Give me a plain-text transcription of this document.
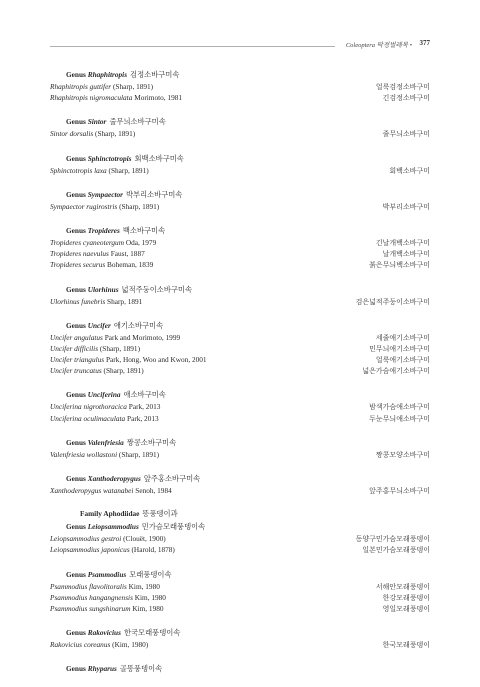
Coleoptera 딱정벌레목 • 377
Genus Rhaphitropis 검정소바구미속
Rhaphitropis guttifer (Sharp, 1891)	얼룩검정소바구미
Rhaphitropis nigromaculata Morimoto, 1981	긴검정소바구미
Genus Sintor 줄무늬소바구미속
Sintor dorsalis (Sharp, 1891)	줄무늬소바구미
Genus Sphinctotropis 회백소바구미속
Sphinctotropis laxa (Sharp, 1891)	회백소바구미
Genus Sympaector 박부리소바구미속
Sympaector rugirostris (Sharp, 1891)	박부리소바구미
Genus Tropideres 백소바구미속
Tropideres cyaneotergum Oda, 1979	긴날개백소바구미
Tropideres naevulus Faust, 1887	날개백소바구미
Tropideres securus Boheman, 1839	붉은무늬백소바구미
Genus Ulorhinus 넓적주둥이소바구미속
Ulorhinus funebris Sharp, 1891	검은넓적주둥이소바구미
Genus Uncifer 애기소바구미속
Uncifer angulatus Park and Morimoto, 1999	세줄애기소바구미
Uncifer difficilis (Sharp, 1891)	민무늬애기소바구미
Uncifer triangulus Park, Hong, Woo and Kwon, 2001	얼룩애기소바구미
Uncifer truncatus (Sharp, 1891)	넓은가슴애기소바구미
Genus Unciferina 애소바구미속
Unciferina nigrothoracica Park, 2013	밤색가슴애소바구미
Unciferina oculimaculata Park, 2013	두눈무늬애소바구미
Genus Valenfriesia 짱콩소바구미속
Valenfriesia wollastoni (Sharp, 1891)	짱콩모양소바구미
Genus Xanthoderopygus 앞주홍소바구미속
Xanthoderopygus watanabei Senoh, 1984	앞주홍무늬소바구미
Family Aphodiidae 똥풍뎅이과
Genus Leiopsammodius 민가슴모래풍뎅이속
Leiopsammodius gestroi (Clouët, 1900)	동양구민가슴모래풍뎅이
Leiopsammodius japonicus (Harold, 1878)	일본민가슴모래풍뎅이
Genus Psammodius 모래풍뎅이속
Psammodius flavolitoralis Kim, 1980	서해안모래풍뎅이
Psammodius hangangnensis Kim, 1980	한강모래풍뎅이
Psammodius sungshinarum Kim, 1980	영일모래풍뎅이
Genus Rakovicius 한국모래풍뎅이속
Rakovicius coreanus (Kim, 1980)	한국모래풍뎅이
Genus Rhyparus 골똥풍뎅이속
